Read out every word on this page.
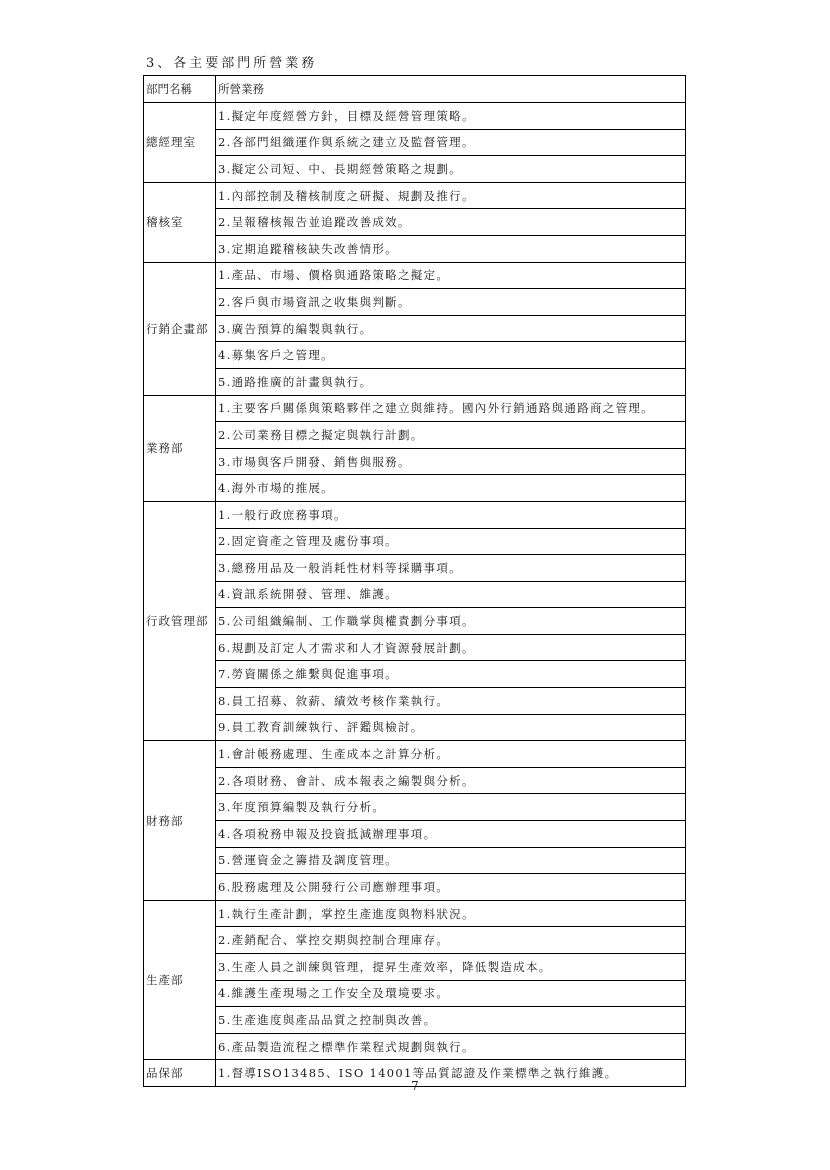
3、各主要部門所營業務
部門名稱	所營業務
總經理室	1.擬定年度經營方針，目標及經營管理策略。
	2.各部門組織運作與系統之建立及監督管理。
	3.擬定公司短、中、長期經營策略之規劃。
稽核室	1.內部控制及稽核制度之研擬、規劃及推行。
	2.呈報稽核報告並追蹤改善成效。
	3.定期追蹤稽核缺失改善情形。
行銷企畫部	1.產品、市場、價格與通路策略之擬定。
	2.客戶與市場資訊之收集與判斷。
	3.廣告預算的編製與執行。
	4.募集客戶之管理。
	5.通路推廣的計畫與執行。
業務部	1.主要客戶關係與策略夥伴之建立與維持。國內外行銷通路與通路商之管理。
	2.公司業務目標之擬定與執行計劃。
	3.市場與客戶開發、銷售與服務。
	4.海外市場的推展。
行政管理部	1.一般行政庶務事項。
	2.固定資產之管理及處份事項。
	3.總務用品及一般消耗性材料等採購事項。
	4.資訊系統開發、管理、維護。
	5.公司組織編制、工作職掌與權責劃分事項。
	6.規劃及訂定人才需求和人才資源發展計劃。
	7.勞資關係之維繫與促進事項。
	8.員工招募、敘薪、績效考核作業執行。
	9.員工教育訓練執行、評鑑與檢討。
財務部	1.會計帳務處理、生產成本之計算分析。
	2.各項財務、會計、成本報表之編製與分析。
	3.年度預算編製及執行分析。
	4.各項稅務申報及投資抵減辦理事項。
	5.營運資金之籌措及調度管理。
	6.股務處理及公開發行公司應辦理事項。
生產部	1.執行生產計劃，掌控生產進度與物料狀況。
	2.產銷配合、掌控交期與控制合理庫存。
	3.生產人員之訓練與管理，提昇生產效率，降低製造成本。
	4.維護生產現場之工作安全及環境要求。
	5.生產進度與產品品質之控制與改善。
	6.產品製造流程之標準作業程式規劃與執行。
品保部	1.督導ISO13485、ISO 14001等品質認證及作業標準之執行維護。
7
